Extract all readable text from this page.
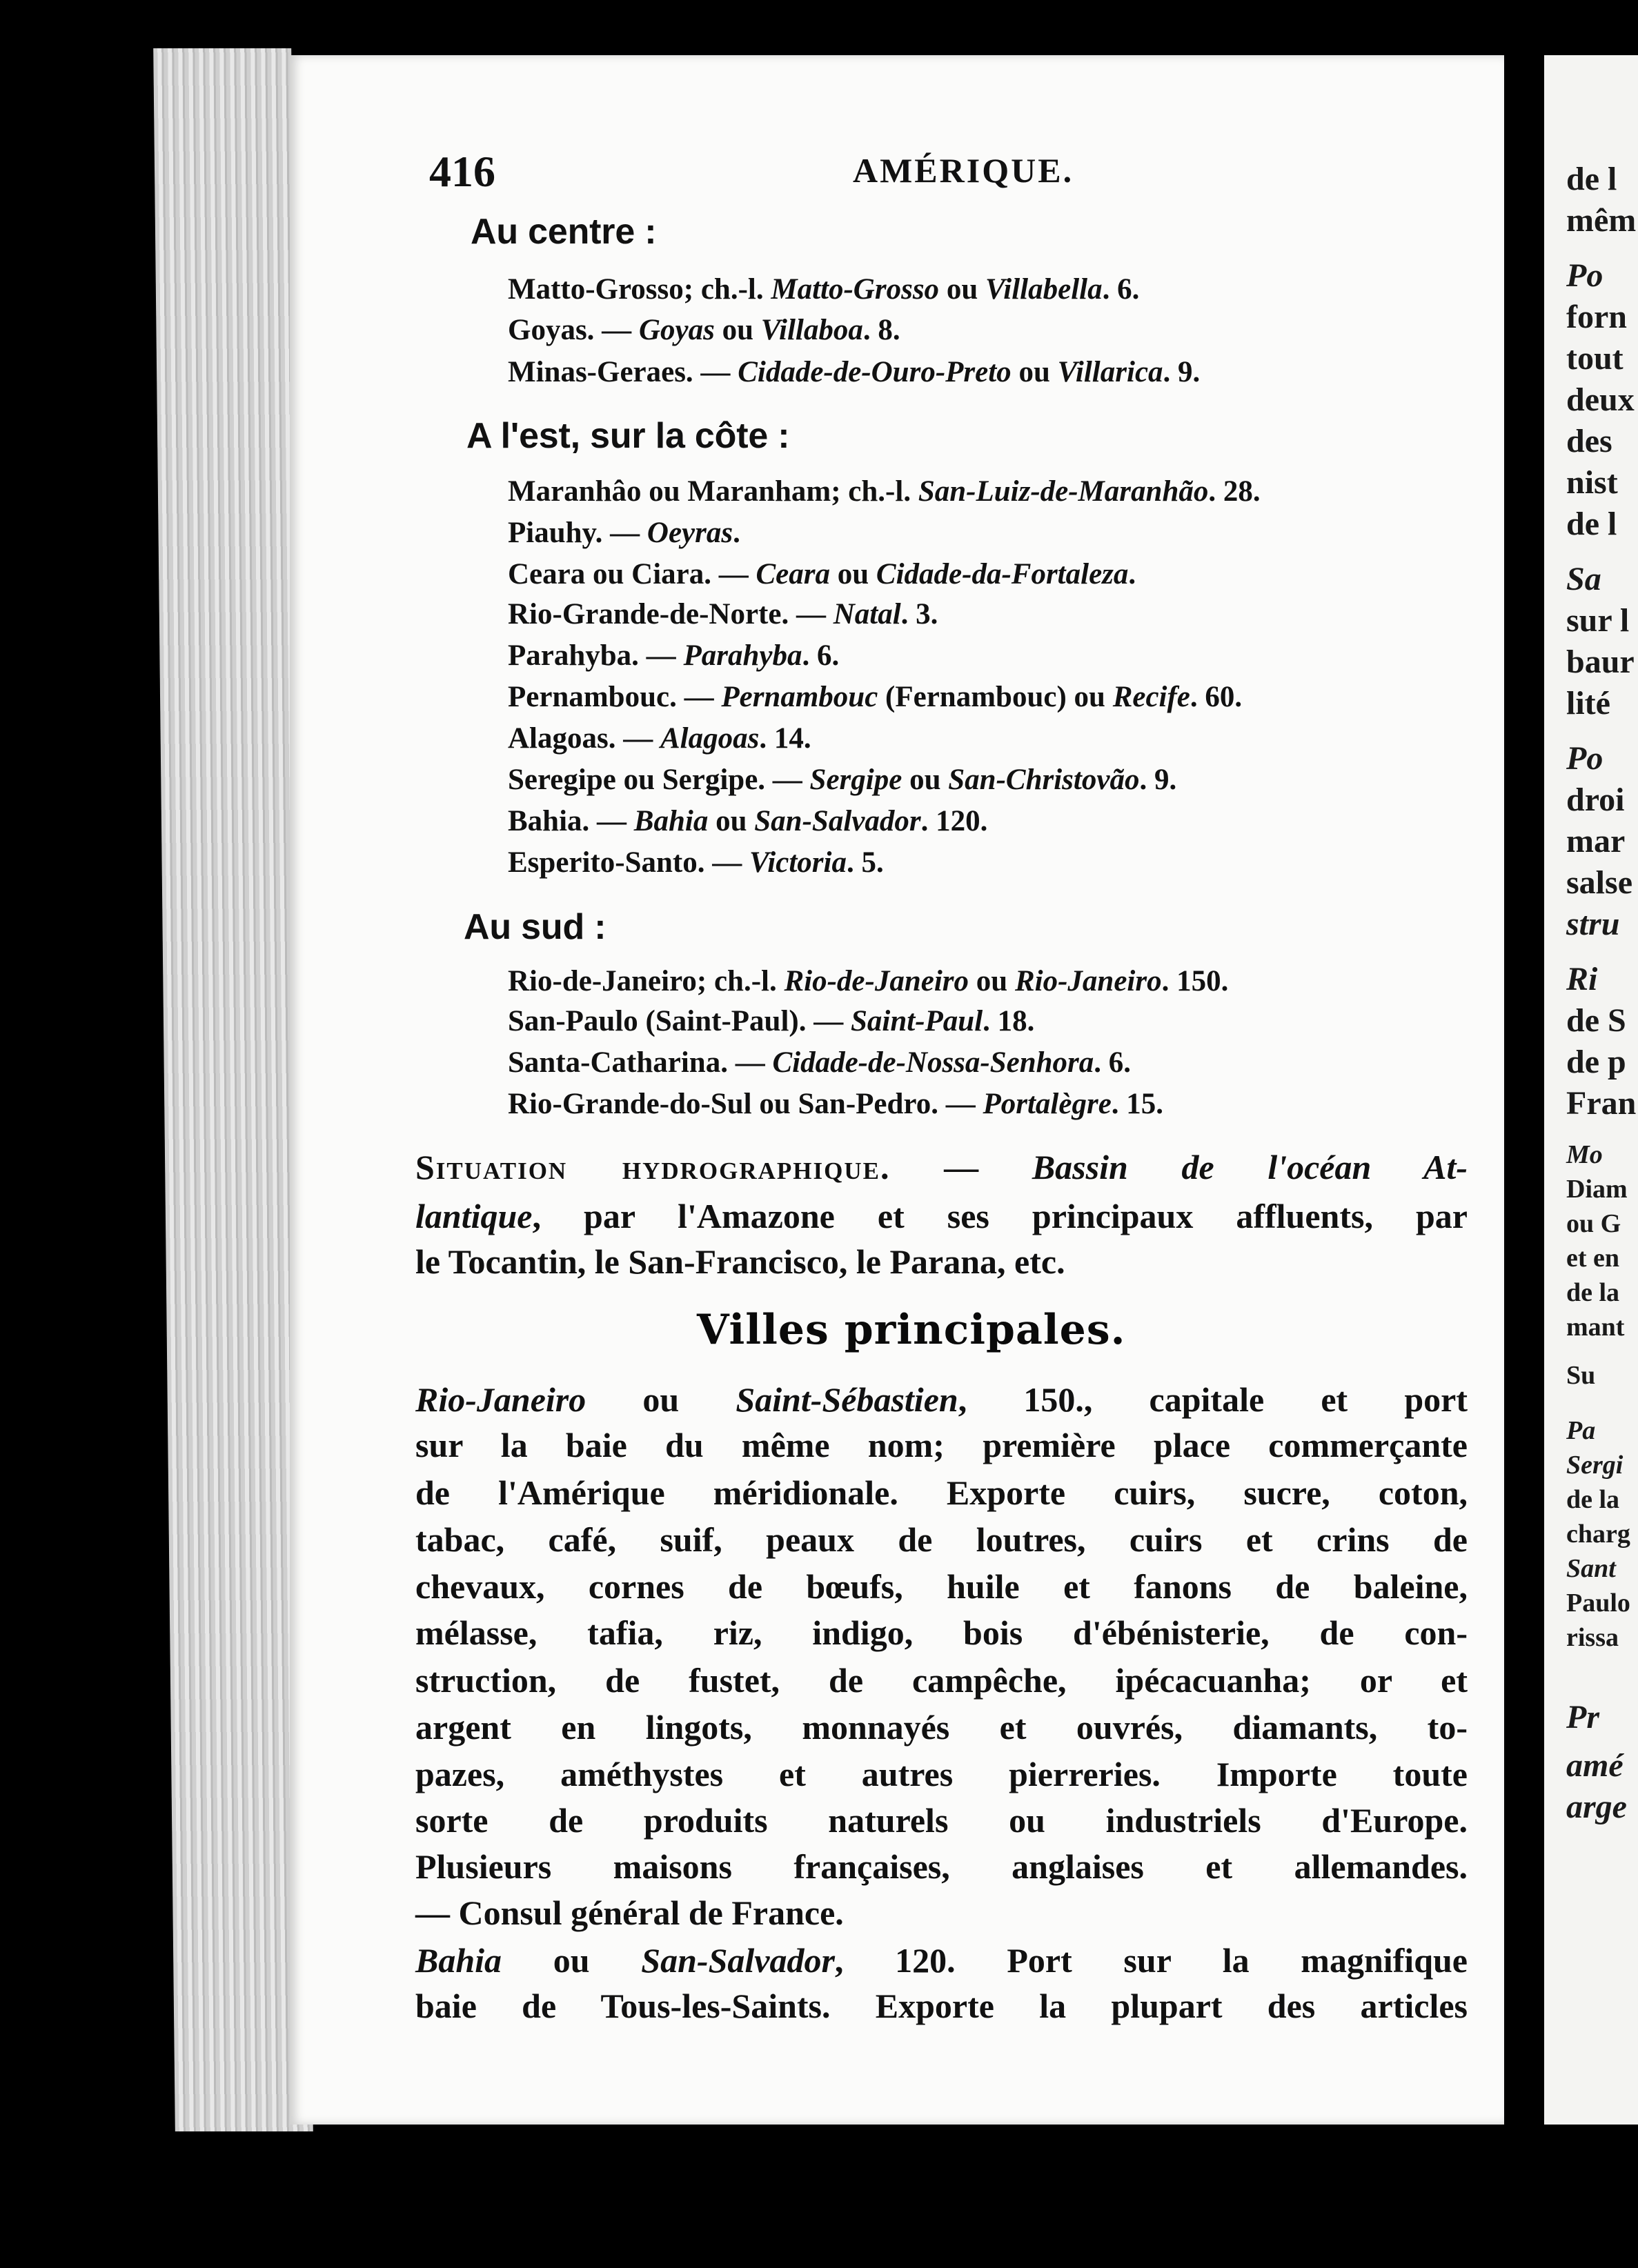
de l
mêm
Po
forn
tout
deux
des
nist
de l
Sa
sur l
baur
lité
Po
droi
mar
salse
stru
Ri
de S
de p
Fran
Mo
Diam
ou G
et en
de la
mant
Su
Pa
Sergi
de la
charg
Sant
Paulo
rissa
Pr
amé
arge
416	AMÉRIQUE.
Au centre :
Matto-Grosso; ch.-l. Matto-Grosso ou Villabella. 6.
Goyas. — Goyas ou Villaboa. 8.
Minas-Geraes. — Cidade-de-Ouro-Preto ou Villarica. 9.
A l'est, sur la côte :
Maranhâo ou Maranham; ch.-l. San-Luiz-de-Maranhão. 28.
Piauhy. — Oeyras.
Ceara ou Ciara. — Ceara ou Cidade-da-Fortaleza.
Rio-Grande-de-Norte. — Natal. 3.
Parahyba. — Parahyba. 6.
Pernambouc. — Pernambouc (Fernambouc) ou Recife. 60.
Alagoas. — Alagoas. 14.
Seregipe ou Sergipe. — Sergipe ou San-Christovão. 9.
Bahia. — Bahia ou San-Salvador. 120.
Esperito-Santo. — Victoria. 5.
Au sud :
Rio-de-Janeiro; ch.-l. Rio-de-Janeiro ou Rio-Janeiro. 150.
San-Paulo (Saint-Paul). — Saint-Paul. 18.
Santa-Catharina. — Cidade-de-Nossa-Senhora. 6.
Rio-Grande-do-Sul ou San-Pedro. — Portalègre. 15.
Situation hydrographique. — Bassin de l'océan At-
lantique, par l'Amazone et ses principaux affluents, par
le Tocantin, le San-Francisco, le Parana, etc.
Villes principales.
Rio-Janeiro ou Saint-Sébastien, 150., capitale et port
sur la baie du même nom; première place commerçante
de l'Amérique méridionale. Exporte cuirs, sucre, coton,
tabac, café, suif, peaux de loutres, cuirs et crins de
chevaux, cornes de bœufs, huile et fanons de baleine,
mélasse, tafia, riz, indigo, bois d'ébénisterie, de con-
struction, de fustet, de campêche, ipécacuanha; or et
argent en lingots, monnayés et ouvrés, diamants, to-
pazes, améthystes et autres pierreries. Importe toute
sorte de produits naturels ou industriels d'Europe.
Plusieurs maisons françaises, anglaises et allemandes.
— Consul général de France.
Bahia ou San-Salvador, 120. Port sur la magnifique
baie de Tous-les-Saints. Exporte la plupart des articles
